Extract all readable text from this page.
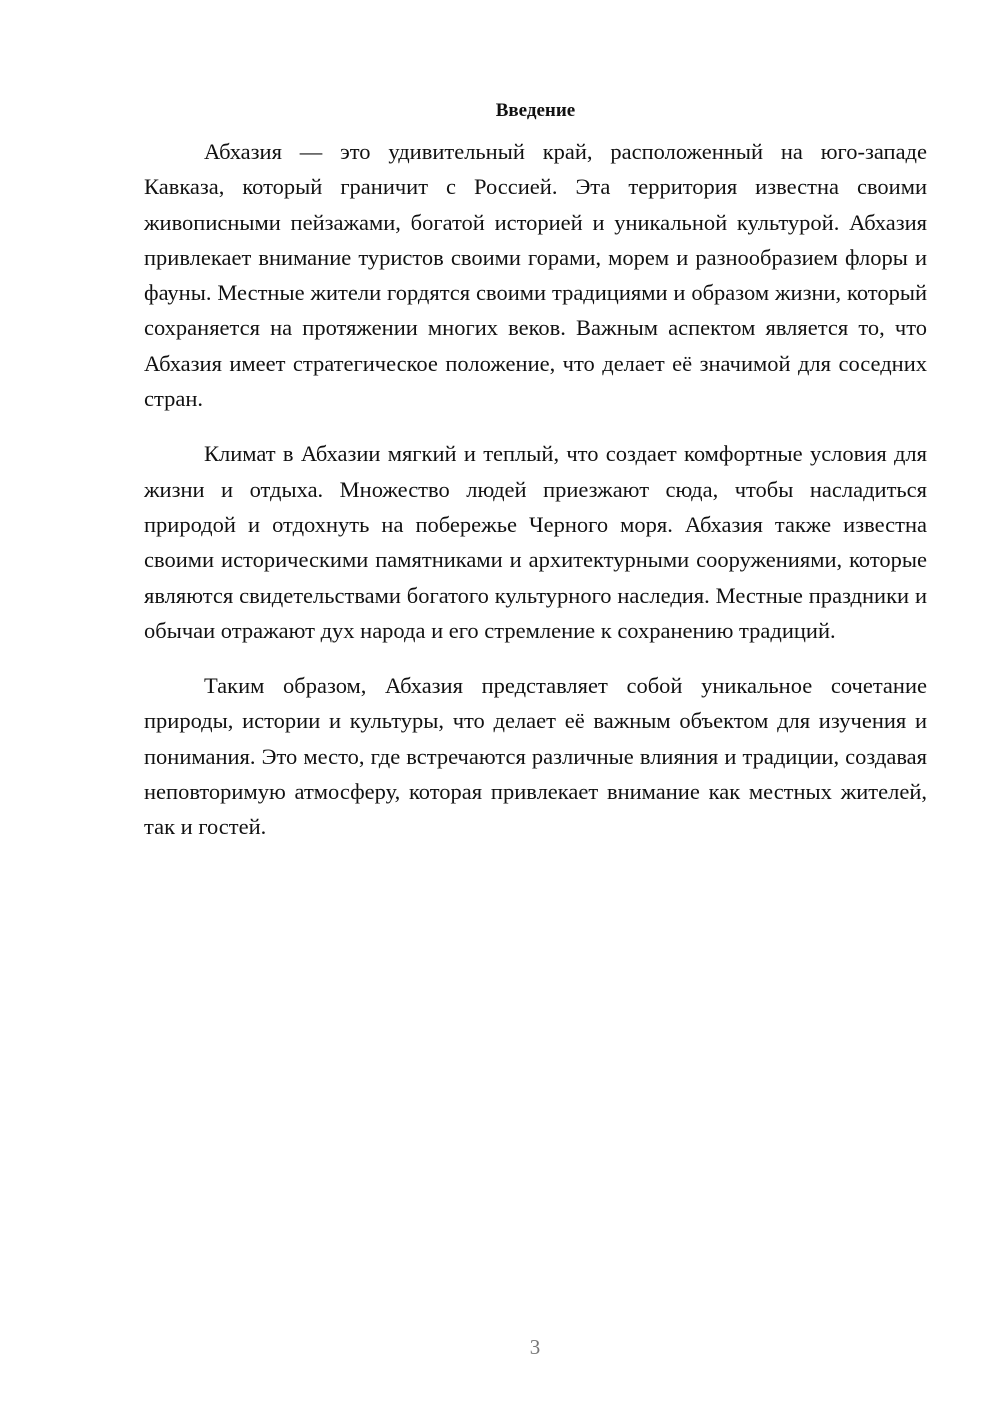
Введение

Абхазия — это удивительный край, расположенный на юго-западе Кавказа, который граничит с Россией. Эта территория известна своими живописными пейзажами, богатой историей и уникальной культурой. Абхазия привлекает внимание туристов своими горами, морем и разнообразием флоры и фауны. Местные жители гордятся своими традициями и образом жизни, который сохраняется на протяжении многих веков. Важным аспектом является то, что Абхазия имеет стратегическое положение, что делает её значимой для соседних стран.

Климат в Абхазии мягкий и теплый, что создает комфортные условия для жизни и отдыха. Множество людей приезжают сюда, чтобы насладиться природой и отдохнуть на побережье Черного моря. Абхазия также известна своими историческими памятниками и архитектурными сооружениями, которые являются свидетельствами богатого культурного наследия. Местные праздники и обычаи отражают дух народа и его стремление к сохранению традиций.

Таким образом, Абхазия представляет собой уникальное сочетание природы, истории и культуры, что делает её важным объектом для изучения и понимания. Это место, где встречаются различные влияния и традиции, создавая неповторимую атмосферу, которая привлекает внимание как местных жителей, так и гостей.

3
